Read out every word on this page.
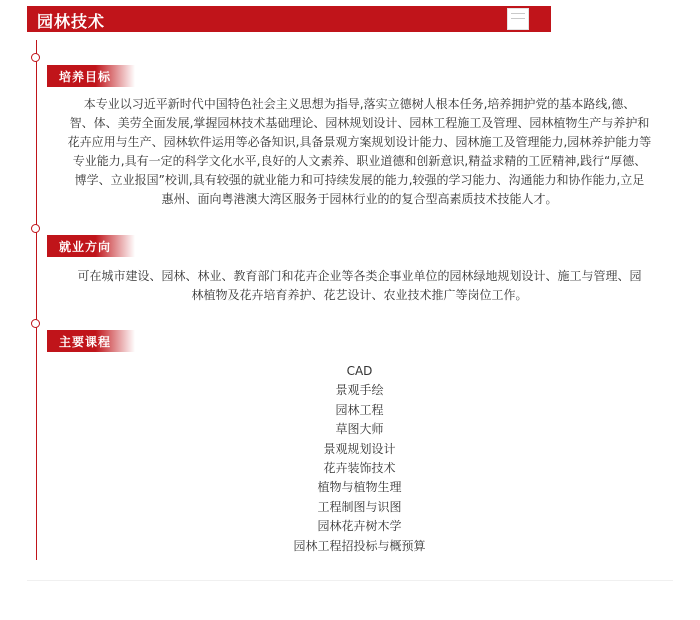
园林技术
培养目标
本专业以习近平新时代中国特色社会主义思想为指导,落实立德树人根本任务,培养拥护党的基本路线,德、
智、体、美劳全面发展,掌握园林技术基础理论、园林规划设计、园林工程施工及管理、园林植物生产与养护和
花卉应用与生产、园林软件运用等必备知识,具备景观方案规划设计能力、园林施工及管理能力,园林养护能力等
专业能力,具有一定的科学文化水平,良好的人文素养、职业道德和创新意识,精益求精的工匠精神,践行“厚德、
博学、立业报国”校训,具有较强的就业能力和可持续发展的能力,较强的学习能力、沟通能力和协作能力,立足
惠州、面向粤港澳大湾区服务于园林行业的的复合型高素质技术技能人才。
就业方向
可在城市建设、园林、林业、教育部门和花卉企业等各类企事业单位的园林绿地规划设计、施工与管理、园
林植物及花卉培育养护、花艺设计、农业技术推广等岗位工作。
主要课程
CAD
景观手绘
园林工程
草图大师
景观规划设计
花卉装饰技术
植物与植物生理
工程制图与识图
园林花卉树木学
园林工程招投标与概预算
